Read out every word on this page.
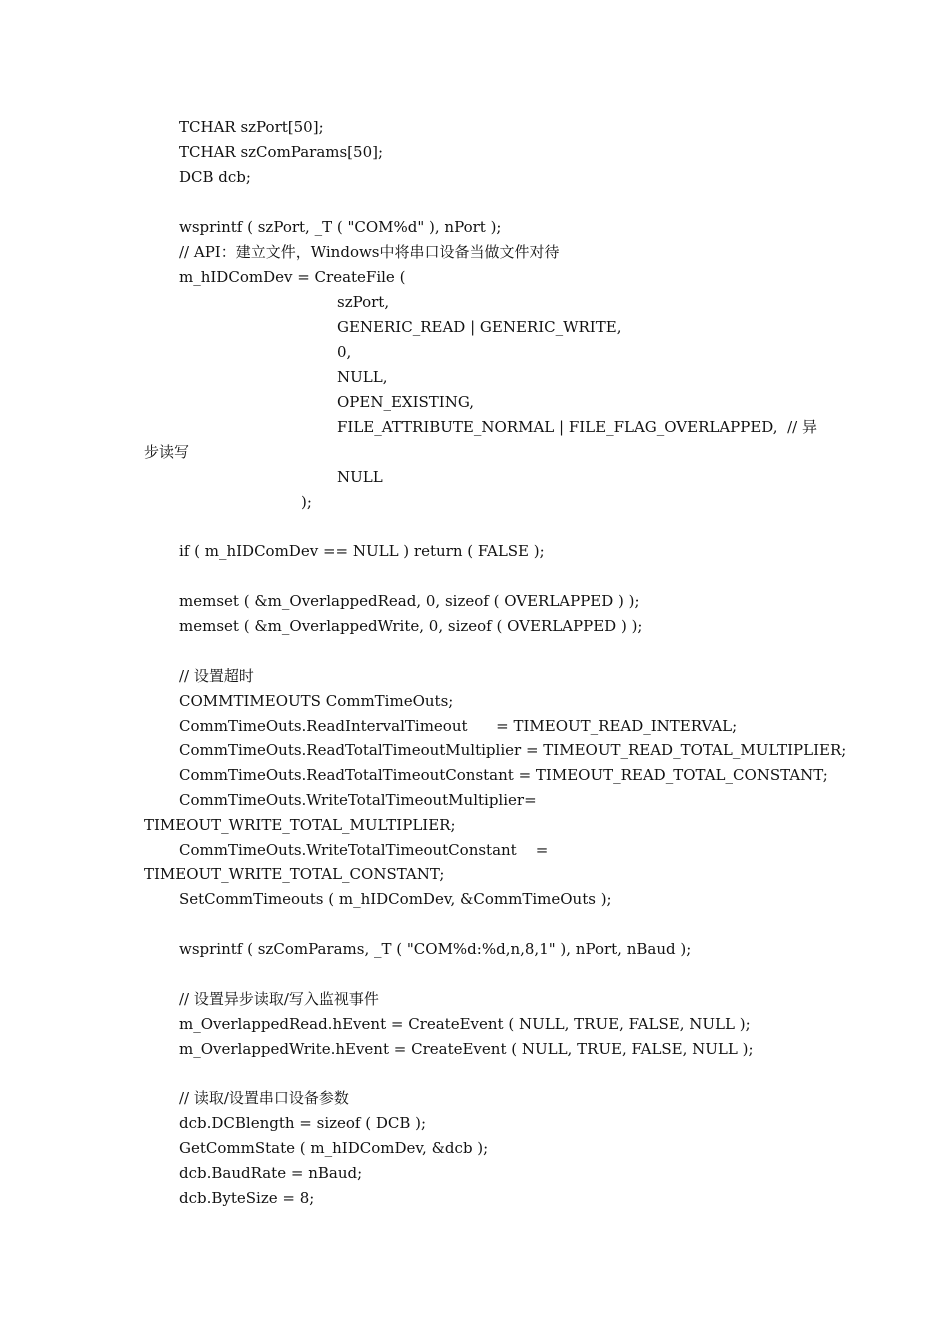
TCHAR szPort[50];
TCHAR szComParams[50];
DCB dcb;
wsprintf ( szPort, _T ( "COM%d" ), nPort );
// API：建立文件，Windows中将串口设备当做文件对待
m_hIDComDev = CreateFile (
szPort,
GENERIC_READ | GENERIC_WRITE,
0,
NULL,
OPEN_EXISTING,
FILE_ATTRIBUTE_NORMAL | FILE_FLAG_OVERLAPPED,  // 异
步读写
NULL
);
if ( m_hIDComDev == NULL ) return ( FALSE );
memset ( &m_OverlappedRead, 0, sizeof ( OVERLAPPED ) );
memset ( &m_OverlappedWrite, 0, sizeof ( OVERLAPPED ) );
// 设置超时
COMMTIMEOUTS CommTimeOuts;
CommTimeOuts.ReadIntervalTimeout      = TIMEOUT_READ_INTERVAL;
CommTimeOuts.ReadTotalTimeoutMultiplier = TIMEOUT_READ_TOTAL_MULTIPLIER;
CommTimeOuts.ReadTotalTimeoutConstant = TIMEOUT_READ_TOTAL_CONSTANT;
CommTimeOuts.WriteTotalTimeoutMultiplier=
TIMEOUT_WRITE_TOTAL_MULTIPLIER;
CommTimeOuts.WriteTotalTimeoutConstant    =
TIMEOUT_WRITE_TOTAL_CONSTANT;
SetCommTimeouts ( m_hIDComDev, &CommTimeOuts );
wsprintf ( szComParams, _T ( "COM%d:%d,n,8,1" ), nPort, nBaud );
// 设置异步读取/写入监视事件
m_OverlappedRead.hEvent = CreateEvent ( NULL, TRUE, FALSE, NULL );
m_OverlappedWrite.hEvent = CreateEvent ( NULL, TRUE, FALSE, NULL );
// 读取/设置串口设备参数
dcb.DCBlength = sizeof ( DCB );
GetCommState ( m_hIDComDev, &dcb );
dcb.BaudRate = nBaud;
dcb.ByteSize = 8;
